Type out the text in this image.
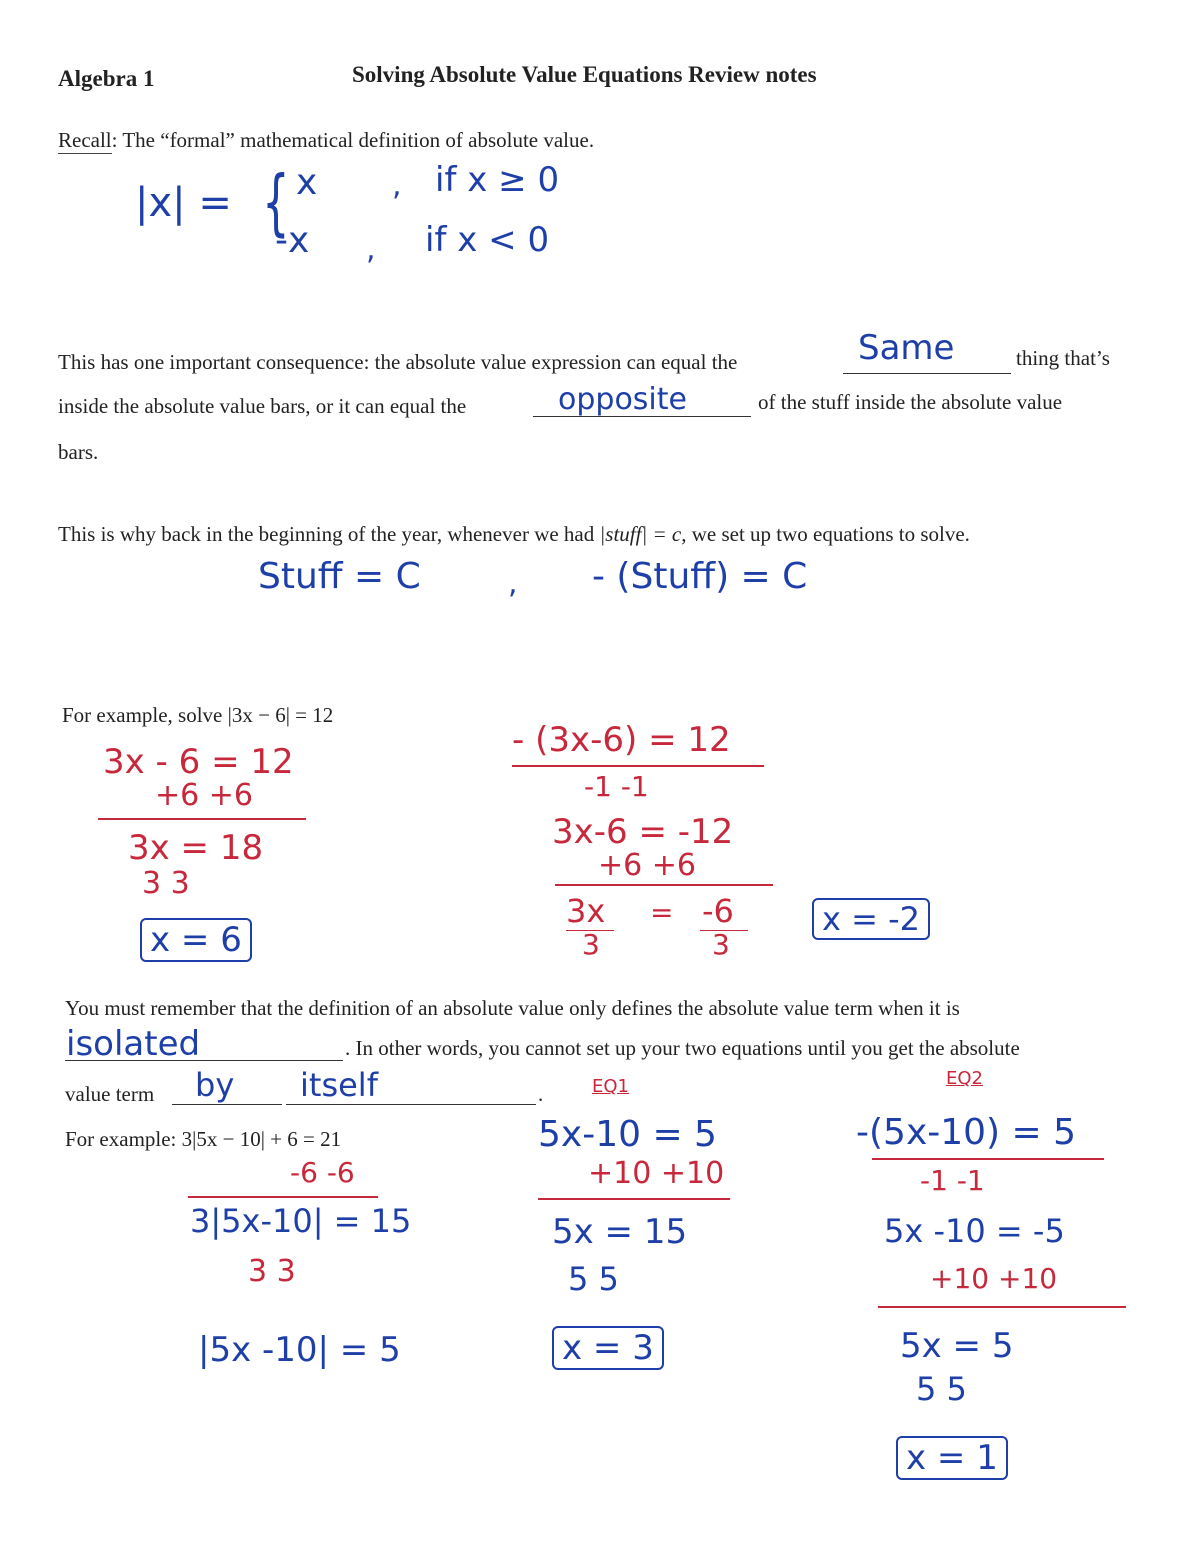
Algebra 1	Solving Absolute Value Equations Review notes
Recall: The “formal” mathematical definition of absolute value.
|x| = { x , if x ≥ 0
-x , if x < 0
This has one important consequence: the absolute value expression can equal the	Same	thing that’s
inside the absolute value bars, or it can equal the	opposite	of the stuff inside the absolute value
bars.
This is why back in the beginning of the year, whenever we had |stuff| = c, we set up two equations to solve.
Stuff = C	, - (Stuff) = C
For example, solve |3x − 6| = 12
3x - 6 = 12
+6 +6
3x = 18
3 3
x = 6
- (3x-6) = 12
-1 -1
3x-6 = -12
+6 +6
3x = -6
3	3
x = -2
You must remember that the definition of an absolute value only defines the absolute value term when it is
isolated	. In other words, you cannot set up your two equations until you get the absolute
value term by itself	.
For example: 3|5x − 10| + 6 = 21
-6 -6
3|5x-10| = 15
3 3
|5x -10| = 5
EQ1
5x-10 = 5
+10 +10
5x = 15
5 5
x = 3
EQ2
-(5x-10) = 5
-1 -1
5x -10 = -5
+10 +10
5x = 5
5 5
x = 1
